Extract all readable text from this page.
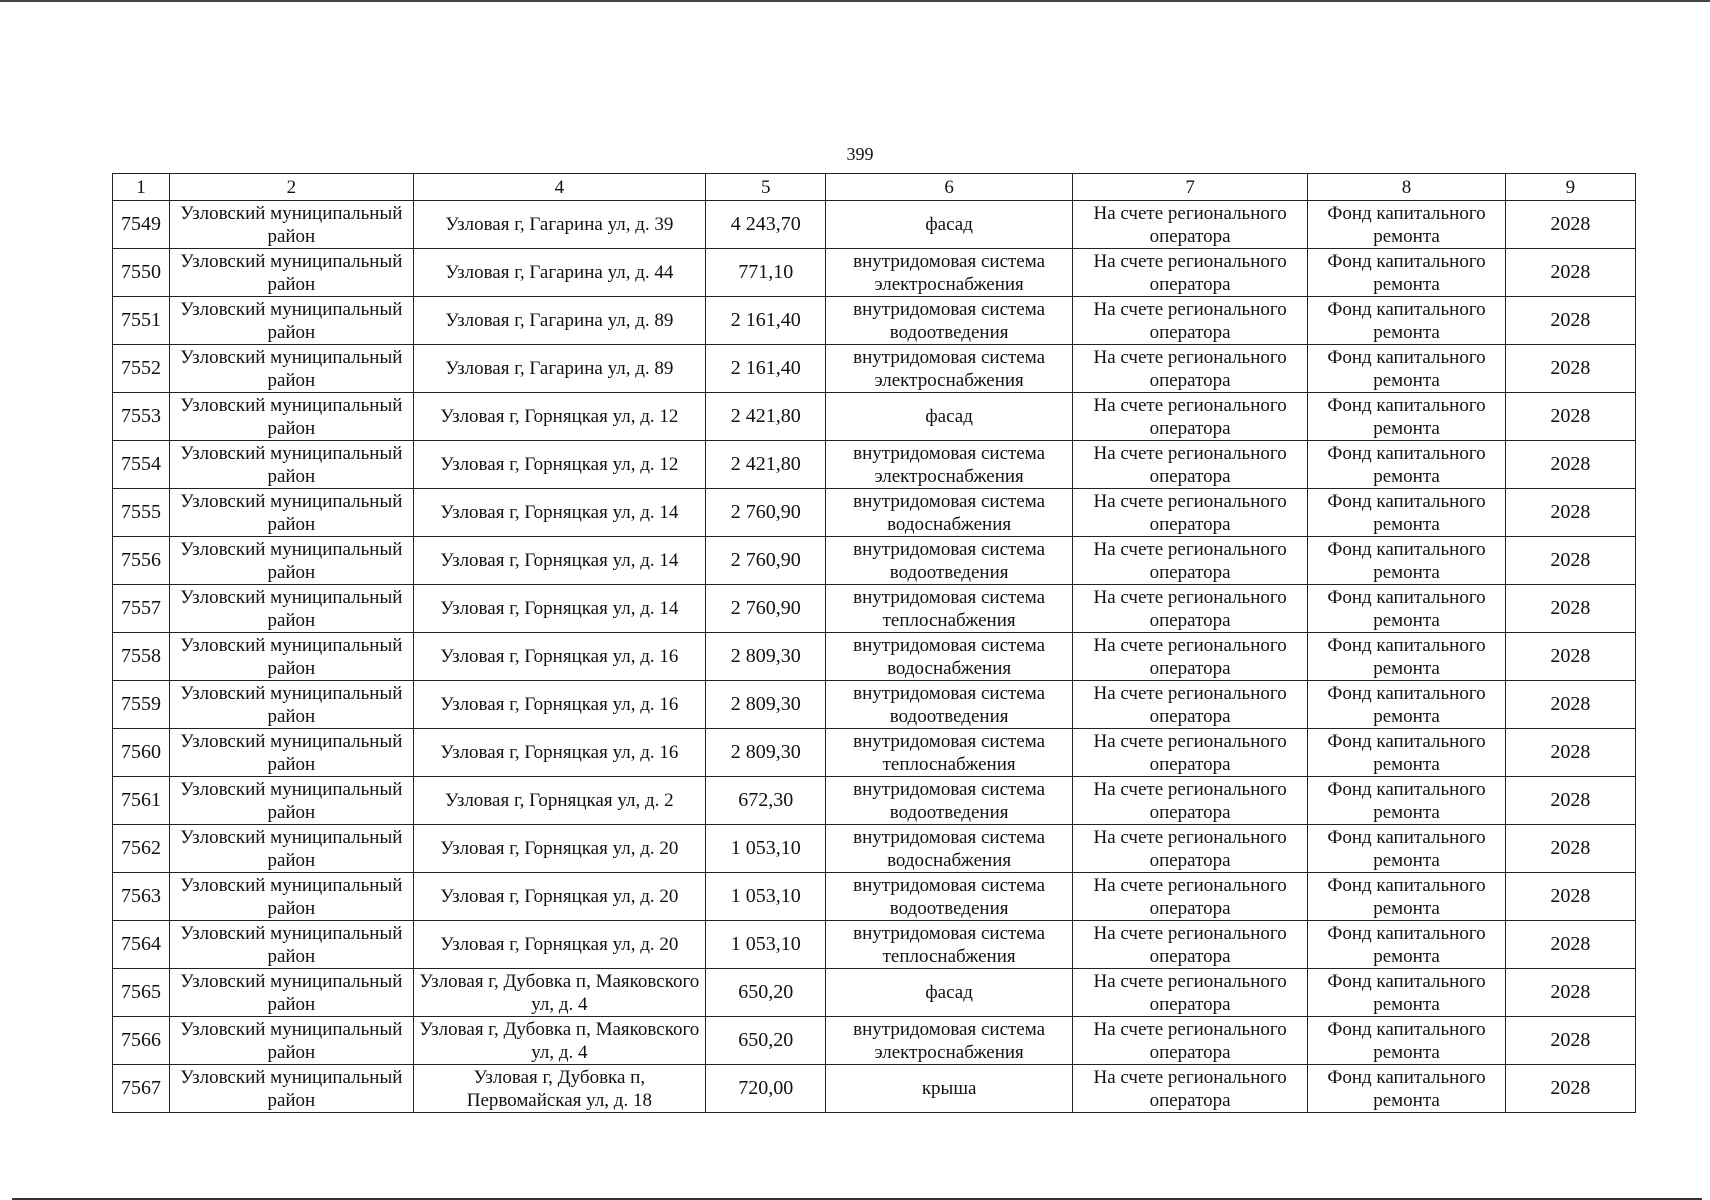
399
1	2	4	5	6	7	8	9
7549	Узловский муниципальный район	Узловая г, Гагарина ул, д. 39	4 243,70	фасад	На счете регионального оператора	Фонд капитального ремонта	2028
7550	Узловский муниципальный район	Узловая г, Гагарина ул, д. 44	771,10	внутридомовая система электроснабжения	На счете регионального оператора	Фонд капитального ремонта	2028
7551	Узловский муниципальный район	Узловая г, Гагарина ул, д. 89	2 161,40	внутридомовая система водоотведения	На счете регионального оператора	Фонд капитального ремонта	2028
7552	Узловский муниципальный район	Узловая г, Гагарина ул, д. 89	2 161,40	внутридомовая система электроснабжения	На счете регионального оператора	Фонд капитального ремонта	2028
7553	Узловский муниципальный район	Узловая г, Горняцкая ул, д. 12	2 421,80	фасад	На счете регионального оператора	Фонд капитального ремонта	2028
7554	Узловский муниципальный район	Узловая г, Горняцкая ул, д. 12	2 421,80	внутридомовая система электроснабжения	На счете регионального оператора	Фонд капитального ремонта	2028
7555	Узловский муниципальный район	Узловая г, Горняцкая ул, д. 14	2 760,90	внутридомовая система водоснабжения	На счете регионального оператора	Фонд капитального ремонта	2028
7556	Узловский муниципальный район	Узловая г, Горняцкая ул, д. 14	2 760,90	внутридомовая система водоотведения	На счете регионального оператора	Фонд капитального ремонта	2028
7557	Узловский муниципальный район	Узловая г, Горняцкая ул, д. 14	2 760,90	внутридомовая система теплоснабжения	На счете регионального оператора	Фонд капитального ремонта	2028
7558	Узловский муниципальный район	Узловая г, Горняцкая ул, д. 16	2 809,30	внутридомовая система водоснабжения	На счете регионального оператора	Фонд капитального ремонта	2028
7559	Узловский муниципальный район	Узловая г, Горняцкая ул, д. 16	2 809,30	внутридомовая система водоотведения	На счете регионального оператора	Фонд капитального ремонта	2028
7560	Узловский муниципальный район	Узловая г, Горняцкая ул, д. 16	2 809,30	внутридомовая система теплоснабжения	На счете регионального оператора	Фонд капитального ремонта	2028
7561	Узловский муниципальный район	Узловая г, Горняцкая ул, д. 2	672,30	внутридомовая система водоотведения	На счете регионального оператора	Фонд капитального ремонта	2028
7562	Узловский муниципальный район	Узловая г, Горняцкая ул, д. 20	1 053,10	внутридомовая система водоснабжения	На счете регионального оператора	Фонд капитального ремонта	2028
7563	Узловский муниципальный район	Узловая г, Горняцкая ул, д. 20	1 053,10	внутридомовая система водоотведения	На счете регионального оператора	Фонд капитального ремонта	2028
7564	Узловский муниципальный район	Узловая г, Горняцкая ул, д. 20	1 053,10	внутридомовая система теплоснабжения	На счете регионального оператора	Фонд капитального ремонта	2028
7565	Узловский муниципальный район	Узловая г, Дубовка п, Маяковского ул, д. 4	650,20	фасад	На счете регионального оператора	Фонд капитального ремонта	2028
7566	Узловский муниципальный район	Узловая г, Дубовка п, Маяковского ул, д. 4	650,20	внутридомовая система электроснабжения	На счете регионального оператора	Фонд капитального ремонта	2028
7567	Узловский муниципальный район	Узловая г, Дубовка п, Первомайская ул, д. 18	720,00	крыша	На счете регионального оператора	Фонд капитального ремонта	2028
